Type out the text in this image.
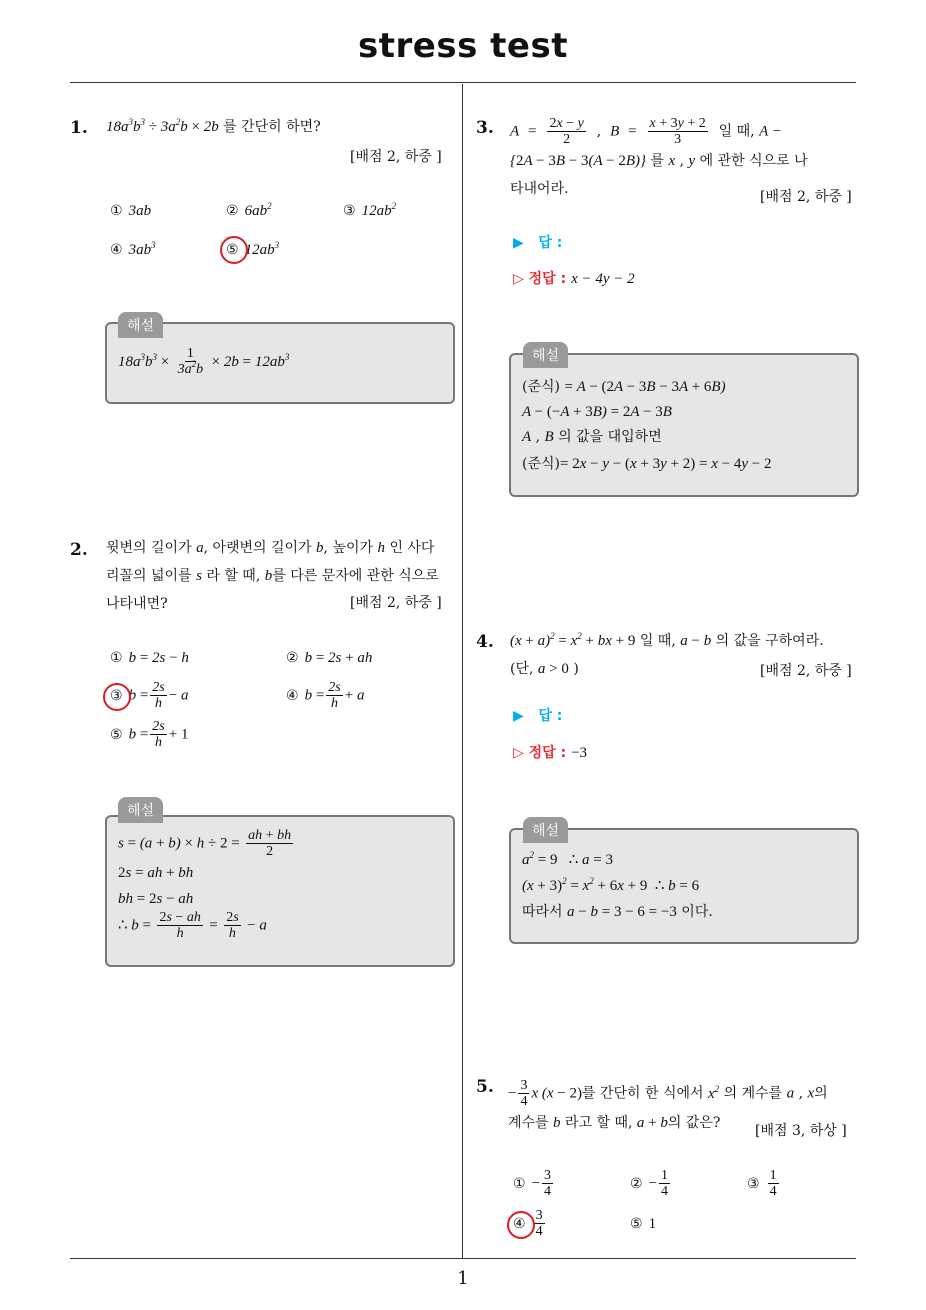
stress test
1
1. $18a^3b^3 \div 3a^2b \times 2b$ 를 간단히 하면?
[배점 2, 하중 ]
① 3ab	② $6ab^2$	③ $12ab^2$
④ $3ab^3$	⑤ $12ab^3$
해설
$18a^3b^3 \times \frac{1}{3a^2b} \times 2b = 12ab^3$
2. 윗변의 길이가 a, 아랫변의 길이가 b, 높이가 h 인 사다
리꼴의 넓이를 s 라 할 때, b를 다른 문자에 관한 식으로
나타내면?	[배점 2, 하중 ]
① b = 2s − h	② b = 2s + ah
③ $b = \frac{2s}{h} - a$	④ $b = \frac{2s}{h} + a$
⑤ $b = \frac{2s}{h} + 1$
해설
$s = (a + b) \times h \div 2 = \frac{ah + bh}{2}$
2s = ah + bh
bh = 2s − ah
∴ $b = \frac{2s - ah}{h} = \frac{2s}{h} - a$
3. $A = \frac{2x - y}{2}$ ,  $B = \frac{x + 3y + 2}{3}$ 일 때, A −
{2A − 3B − 3(A − 2B)} 를 x , y 에 관한 식으로 나
타내어라.	[배점 2, 하중 ]
▶ 답 :
▷ 정답 : x − 4y − 2
해설
(준식) = A − (2A − 3B − 3A + 6B)
A − (−A + 3B) = 2A − 3B
A , B 의 값을 대입하면
(준식)= 2x − y − (x + 3y + 2) = x − 4y − 2
4. $(x + a)^2 = x^2$ + bx + 9 일 때, a − b 의 값을 구하여라.
(단, a > 0 )	[배점 2, 하중 ]
▶ 답 :
▷ 정답 : −3
해설
$a^2 = 9$   ∴ a = 3
$(x + 3)^2 = x^2 + 6x + 9$  ∴ b = 6
따라서 a − b = 3 − 6 = −3 이다.
5. − $\frac{3}{4}$ x (x − 2)를 간단히 한 식에서 $x^2$ 의 계수를 a , x의
계수를 b 라고 할 때, a + b의 값은?	[배점 3, 하상 ]
① − $\frac{3}{4}$	② − $\frac{1}{4}$	③ $\frac{1}{4}$
④ $\frac{3}{4}$	⑤ 1
